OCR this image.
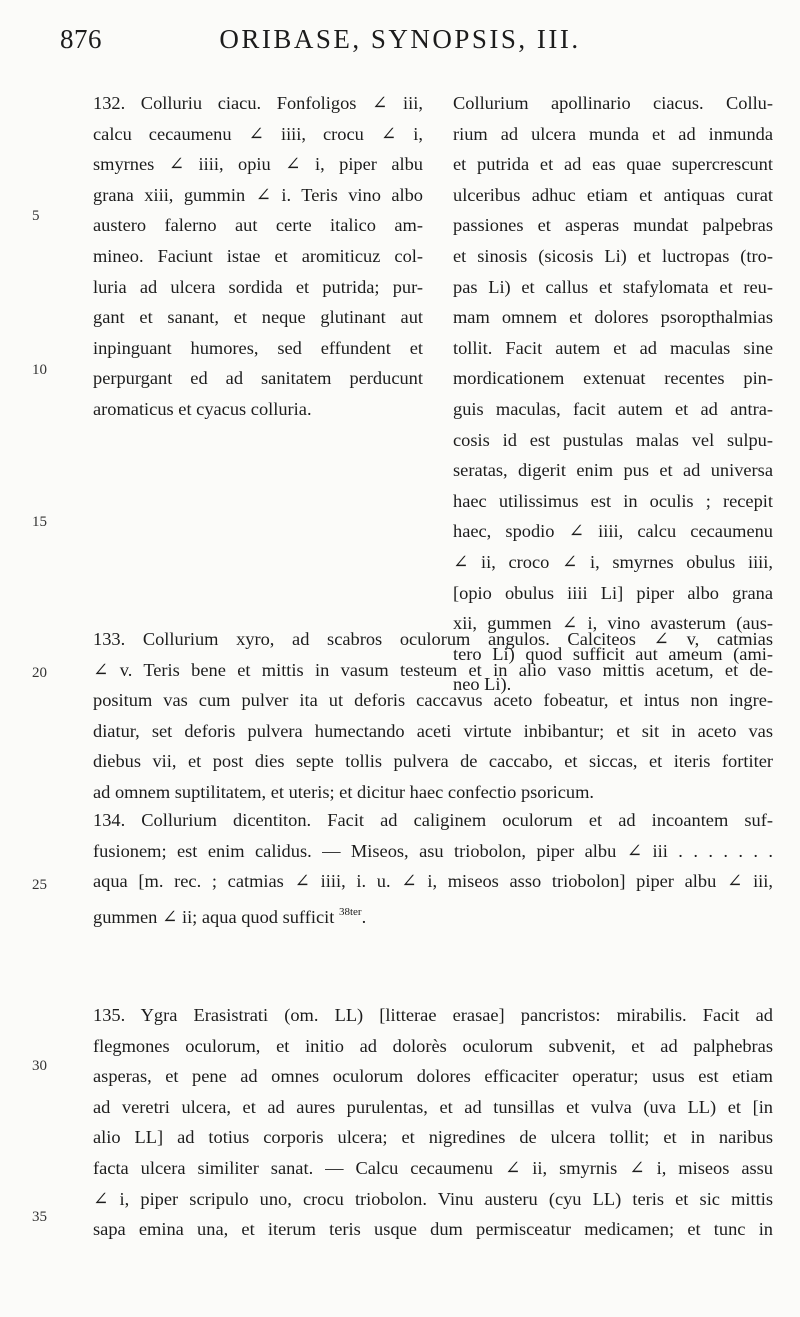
876	ORIBASE, SYNOPSIS, III.
132. Colluriu ciacu. Fonfoligos ∠ iii,
calcu cecaumenu ∠ iiii, crocu ∠ i,
smyrnes ∠ iiii, opiu ∠ i, piper albu
grana xiii, gummin ∠ i. Teris vino albo
austero falerno aut certe italico am-
mineo. Faciunt istae et aromiticuz col-
luria ad ulcera sordida et putrida; pur-
gant et sanant, et neque glutinant aut
inpinguant humores, sed effundent et
perpurgant ed ad sanitatem perducunt
aromaticus et cyacus colluria.
Collurium apollinario ciacus. Collu-
rium ad ulcera munda et ad inmunda
et putrida et ad eas quae supercrescunt
ulceribus adhuc etiam et antiquas curat
passiones et asperas mundat palpebras
et sinosis (sicosis Li) et luctropas (tro-
pas Li) et callus et stafylomata et reu-
mam omnem et dolores psoropthalmias
tollit. Facit autem et ad maculas sine
mordicationem extenuat recentes pin-
guis maculas, facit autem et ad antra-
cosis id est pustulas malas vel sulpu-
seratas, digerit enim pus et ad universa
haec utilissimus est in oculis ; recepit
haec, spodio ∠ iiii, calcu cecaumenu
∠ ii, croco ∠ i, smyrnes obulus iiii,
[opio obulus iiii Li] piper albo grana
xii, gummen ∠ i, vino avasterum (aus-
tero Li) quod sufficit aut ameum (ami-
neo Li).
5
10
15
20
25
30
35
133. Collurium xyro, ad scabros oculorum angulos. Calciteos ∠ v, catmias
∠ v. Teris bene et mittis in vasum testeum et in alio vaso mittis acetum, et de-
positum vas cum pulver ita ut deforis caccavus aceto fobeatur, et intus non ingre-
diatur, set deforis pulvera humectando aceti virtute inbibantur; et sit in aceto vas
diebus vii, et post dies septe tollis pulvera de caccabo, et siccas, et iteris fortiter
ad omnem suptilitatem, et uteris; et dicitur haec confectio psoricum.
134. Collurium dicentiton. Facit ad caliginem oculorum et ad incoantem suf-
fusionem; est enim calidus. — Miseos, asu triobolon, piper albu ∠ iii . . . . . . .
aqua [m. rec. ; catmias ∠ iiii, i. u. ∠ i, miseos asso triobolon] piper albu ∠ iii,
gummen ∠ ii; aqua quod sufficit $^{38ter}$.
135. Ygra Erasistrati (om. LL) [litterae erasae] pancristos: mirabilis. Facit ad
flegmones oculorum, et initio ad dolorès oculorum subvenit, et ad palphebras
asperas, et pene ad omnes oculorum dolores efficaciter operatur; usus est etiam
ad veretri ulcera, et ad aures purulentas, et ad tunsillas et vulva (uva LL) et [in
alio LL] ad totius corporis ulcera; et nigredines de ulcera tollit; et in naribus
facta ulcera similiter sanat. — Calcu cecaumenu ∠ ii, smyrnis ∠ i, miseos assu
∠ i, piper scripulo uno, crocu triobolon. Vinu austeru (cyu LL) teris et sic mittis
sapa emina una, et iterum teris usque dum permisceatur medicamen; et tunc in
